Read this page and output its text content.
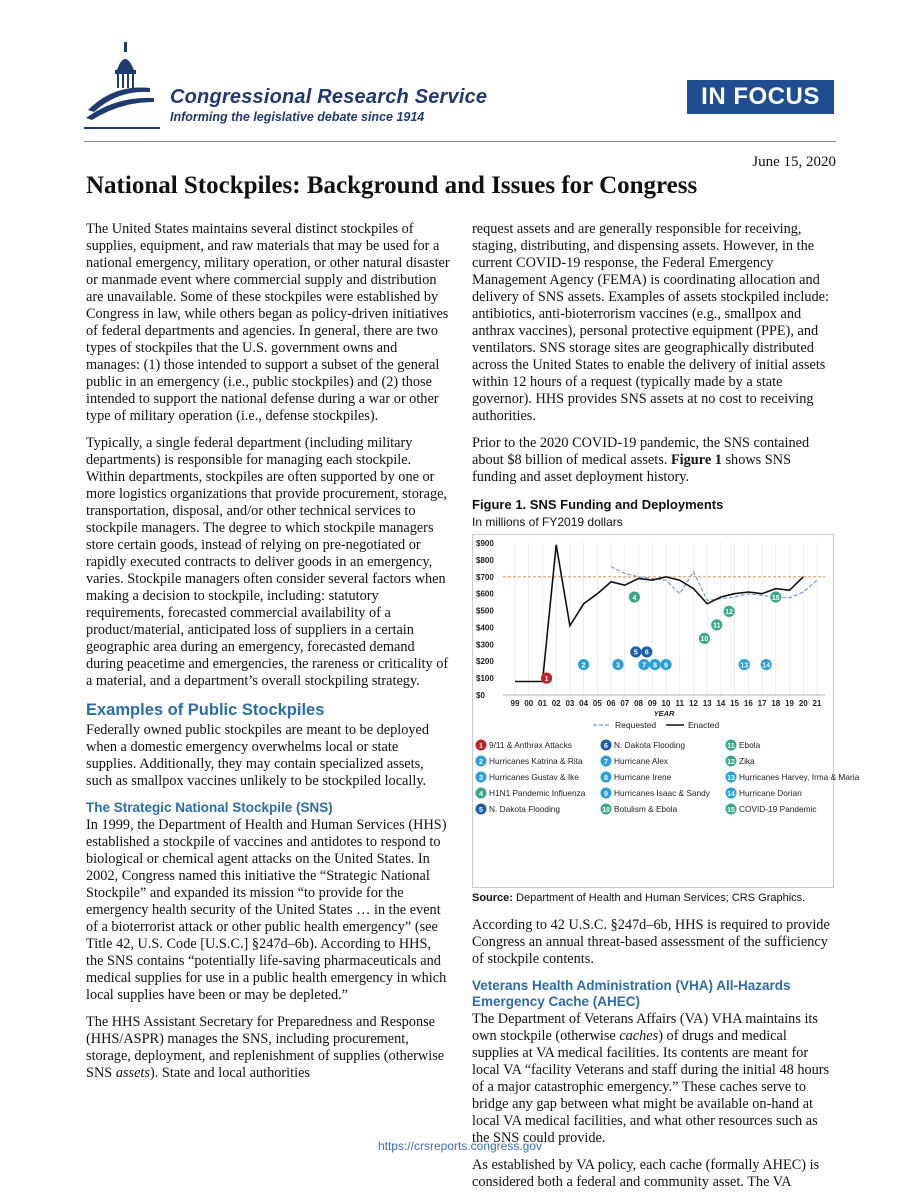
Congressional Research Service
Informing the legislative debate since 1914
IN FOCUS
June 15, 2020
National Stockpiles: Background and Issues for Congress

The United States maintains several distinct stockpiles of supplies, equipment, and raw materials that may be used for a national emergency, military operation, or other natural disaster or manmade event where commercial supply and distribution are unavailable. Some of these stockpiles were established by Congress in law, while others began as policy-driven initiatives of federal departments and agencies. In general, there are two types of stockpiles that the U.S. government owns and manages: (1) those intended to support a subset of the general public in an emergency (i.e., public stockpiles) and (2) those intended to support the national defense during a war or other type of military operation (i.e., defense stockpiles).

Typically, a single federal department (including military departments) is responsible for managing each stockpile. Within departments, stockpiles are often supported by one or more logistics organizations that provide procurement, storage, transportation, disposal, and/or other technical services to stockpile managers. The degree to which stockpile managers store certain goods, instead of relying on pre-negotiated or rapidly executed contracts to deliver goods in an emergency, varies. Stockpile managers often consider several factors when making a decision to stockpile, including: statutory requirements, forecasted commercial availability of a product/material, anticipated loss of suppliers in a certain geographic area during an emergency, forecasted demand during peacetime and emergencies, the rareness or criticality of a material, and a department’s overall stockpiling strategy.

Examples of Public Stockpiles

Federally owned public stockpiles are meant to be deployed when a domestic emergency overwhelms local or state supplies. Additionally, they may contain specialized assets, such as smallpox vaccines unlikely to be stockpiled locally.

The Strategic National Stockpile (SNS)

In 1999, the Department of Health and Human Services (HHS) established a stockpile of vaccines and antidotes to respond to biological or chemical agent attacks on the United States. In 2002, Congress named this initiative the “Strategic National Stockpile” and expanded its mission “to provide for the emergency health security of the United States … in the event of a bioterrorist attack or other public health emergency” (see Title 42, U.S. Code [U.S.C.] §247d–6b). According to HHS, the SNS contains “potentially life-saving pharmaceuticals and medical supplies for use in a public health emergency in which local supplies have been or may be depleted.”

The HHS Assistant Secretary for Preparedness and Response (HHS/ASPR) manages the SNS, including procurement, storage, deployment, and replenishment of supplies (otherwise SNS assets). State and local authorities

request assets and are generally responsible for receiving, staging, distributing, and dispensing assets. However, in the current COVID-19 response, the Federal Emergency Management Agency (FEMA) is coordinating allocation and delivery of SNS assets. Examples of assets stockpiled include: antibiotics, anti-bioterrorism vaccines (e.g., smallpox and anthrax vaccines), personal protective equipment (PPE), and ventilators. SNS storage sites are geographically distributed across the United States to enable the delivery of initial assets within 12 hours of a request (typically made by a state governor). HHS provides SNS assets at no cost to receiving authorities.

Prior to the 2020 COVID-19 pandemic, the SNS contained about $8 billion of medical assets. Figure 1 shows SNS funding and asset deployment history.

Figure 1. SNS Funding and Deployments
In millions of FY2019 dollars
$0
$100
$200
$300
$400
$500
$600
$700
$800
$900
99 00 01 02 03 04 05 06 07 08 09 10 11 12 13 14 15 16 17 18 19 20 21
YEAR
1
2	3
4
5 6
7 8 9
10
11
12
13 14
15
Requested	Enacted
1 9/11 & Anthrax Attacks
2 Hurricanes Katrina & Rita
3 Hurricanes Gustav & Ike
4 H1N1 Pandemic Influenza
5 N. Dakota Flooding
6 N. Dakota Flooding
7 Hurricane Alex
8 Hurricane Irene
9 Hurricanes Isaac & Sandy
10 Botulism & Ebola
11 Ebola
12 Zika
13 Hurricanes Harvey, Irma & Maria
14 Hurricane Dorian
15 COVID-19 Pandemic
Source: Department of Health and Human Services; CRS Graphics.

According to 42 U.S.C. §247d–6b, HHS is required to provide Congress an annual threat-based assessment of the sufficiency of stockpile contents.

Veterans Health Administration (VHA) All-Hazards Emergency Cache (AHEC)

The Department of Veterans Affairs (VA) VHA maintains its own stockpile (otherwise caches) of drugs and medical supplies at VA medical facilities. Its contents are meant for local VA “facility Veterans and staff during the initial 48 hours of a major catastrophic emergency.” These caches serve to bridge any gap between what might be available on-hand at local VA medical facilities, and what other resources such as the SNS could provide.

As established by VA policy, each cache (formally AHEC) is considered both a federal and community asset. The VA

https://crsreports.congress.gov
